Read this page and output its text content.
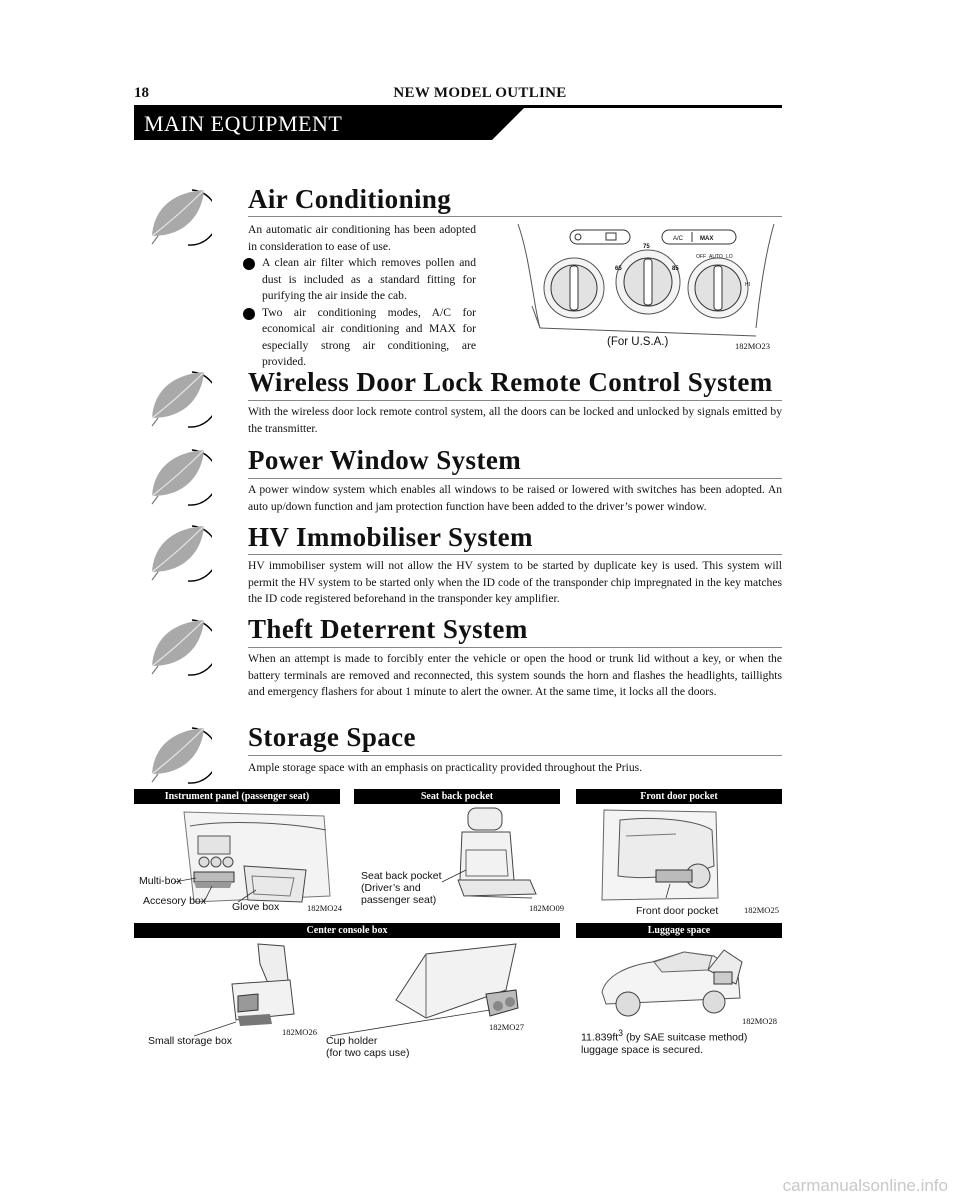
18	NEW MODEL OUTLINE
MAIN EQUIPMENT
Air Conditioning

An automatic air conditioning has been adopted in consideration to ease of use.

A clean air filter which removes pollen and dust is included as a standard fitting for purifying the air inside the cab.

Two air conditioning modes, A/C for economical air conditioning and MAX for especially strong air conditioning, are provided.

A/C	MAX
65
75
85
OFF AUTO LO
HI
(For U.S.A.)	182MO23
Wireless Door Lock Remote Control System
With the wireless door lock remote control system, all the doors can be locked and unlocked by signals emitted by the transmitter.
Power Window System
A power window system which enables all windows to be raised or lowered with switches has been adopted. An auto up/down function and jam protection function have been added to the driver’s power window.
HV Immobiliser System
HV immobiliser system will not allow the HV system to be started by duplicate key is used. This system will permit the HV system to be started only when the ID code of the transponder chip impregnated in the key matches the ID code registered beforehand in the transponder key amplifier.
Theft Deterrent System
When an attempt is made to forcibly enter the vehicle or open the hood or trunk lid without a key, or when the battery terminals are removed and reconnected, this system sounds the horn and flashes the headlights, taillights and emergency flashers for about 1 minute to alert the owner. At the same time, it locks all the doors.
Storage Space
Ample storage space with an emphasis on practicality provided throughout the Prius.
Instrument panel (passenger seat)	Seat back pocket	Front door pocket
Multi-box
Accesory box Glove box	182MO24
Seat back pocket
(Driver’s and
passenger seat)
182MO09	Front door pocket	182MO25
Center console box	Luggage space
Small storage box	Cup holder
(for two caps use)
182MO26	182MO27
182MO28
$11.839ft^3$ (by SAE suitcase method)
luggage space is secured.
carmanualsonline.info
